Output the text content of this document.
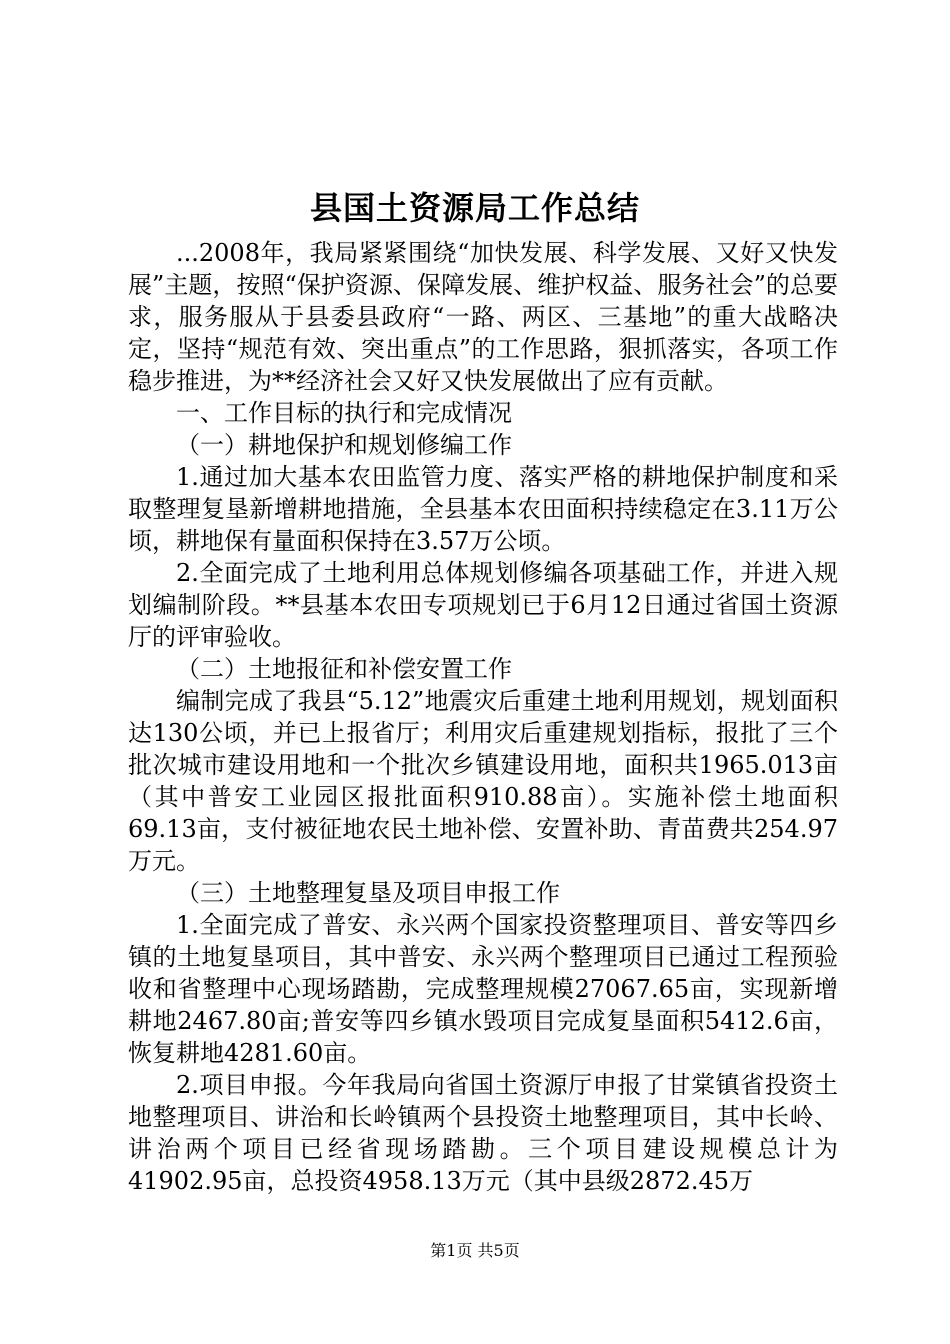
县国土资源局工作总结

...2008年，我局紧紧围绕“加快发展、科学发展、又好又快发展”主题，按照“保护资源、保障发展、维护权益、服务社会”的总要求，服务服从于县委县政府“一路、两区、三基地”的重大战略决定，坚持“规范有效、突出重点”的工作思路，狠抓落实，各项工作稳步推进，为**经济社会又好又快发展做出了应有贡献。

一、工作目标的执行和完成情况

（一）耕地保护和规划修编工作

1.通过加大基本农田监管力度、落实严格的耕地保护制度和采取整理复垦新增耕地措施，全县基本农田面积持续稳定在3.11万公顷，耕地保有量面积保持在3.57万公顷。

2.全面完成了土地利用总体规划修编各项基础工作，并进入规划编制阶段。**县基本农田专项规划已于6月12日通过省国土资源厅的评审验收。

（二）土地报征和补偿安置工作

编制完成了我县“5.12”地震灾后重建土地利用规划，规划面积达130公顷，并已上报省厅；利用灾后重建规划指标，报批了三个批次城市建设用地和一个批次乡镇建设用地，面积共1965.013亩（其中普安工业园区报批面积910.88亩）。实施补偿土地面积69.13亩，支付被征地农民土地补偿、安置补助、青苗费共254.97万元。

（三）土地整理复垦及项目申报工作

1.全面完成了普安、永兴两个国家投资整理项目、普安等四乡镇的土地复垦项目，其中普安、永兴两个整理项目已通过工程预验收和省整理中心现场踏勘，完成整理规模27067.65亩，实现新增耕地2467.80亩;普安等四乡镇水毁项目完成复垦面积5412.6亩，恢复耕地4281.60亩。

2.项目申报。今年我局向省国土资源厅申报了甘棠镇省投资土地整理项目、讲治和长岭镇两个县投资土地整理项目，其中长岭、讲治两个项目已经省现场踏勘。三个项目建设规模总计为41902.95亩，总投资4958.13万元（其中县级2872.45万

第1页 共5页
